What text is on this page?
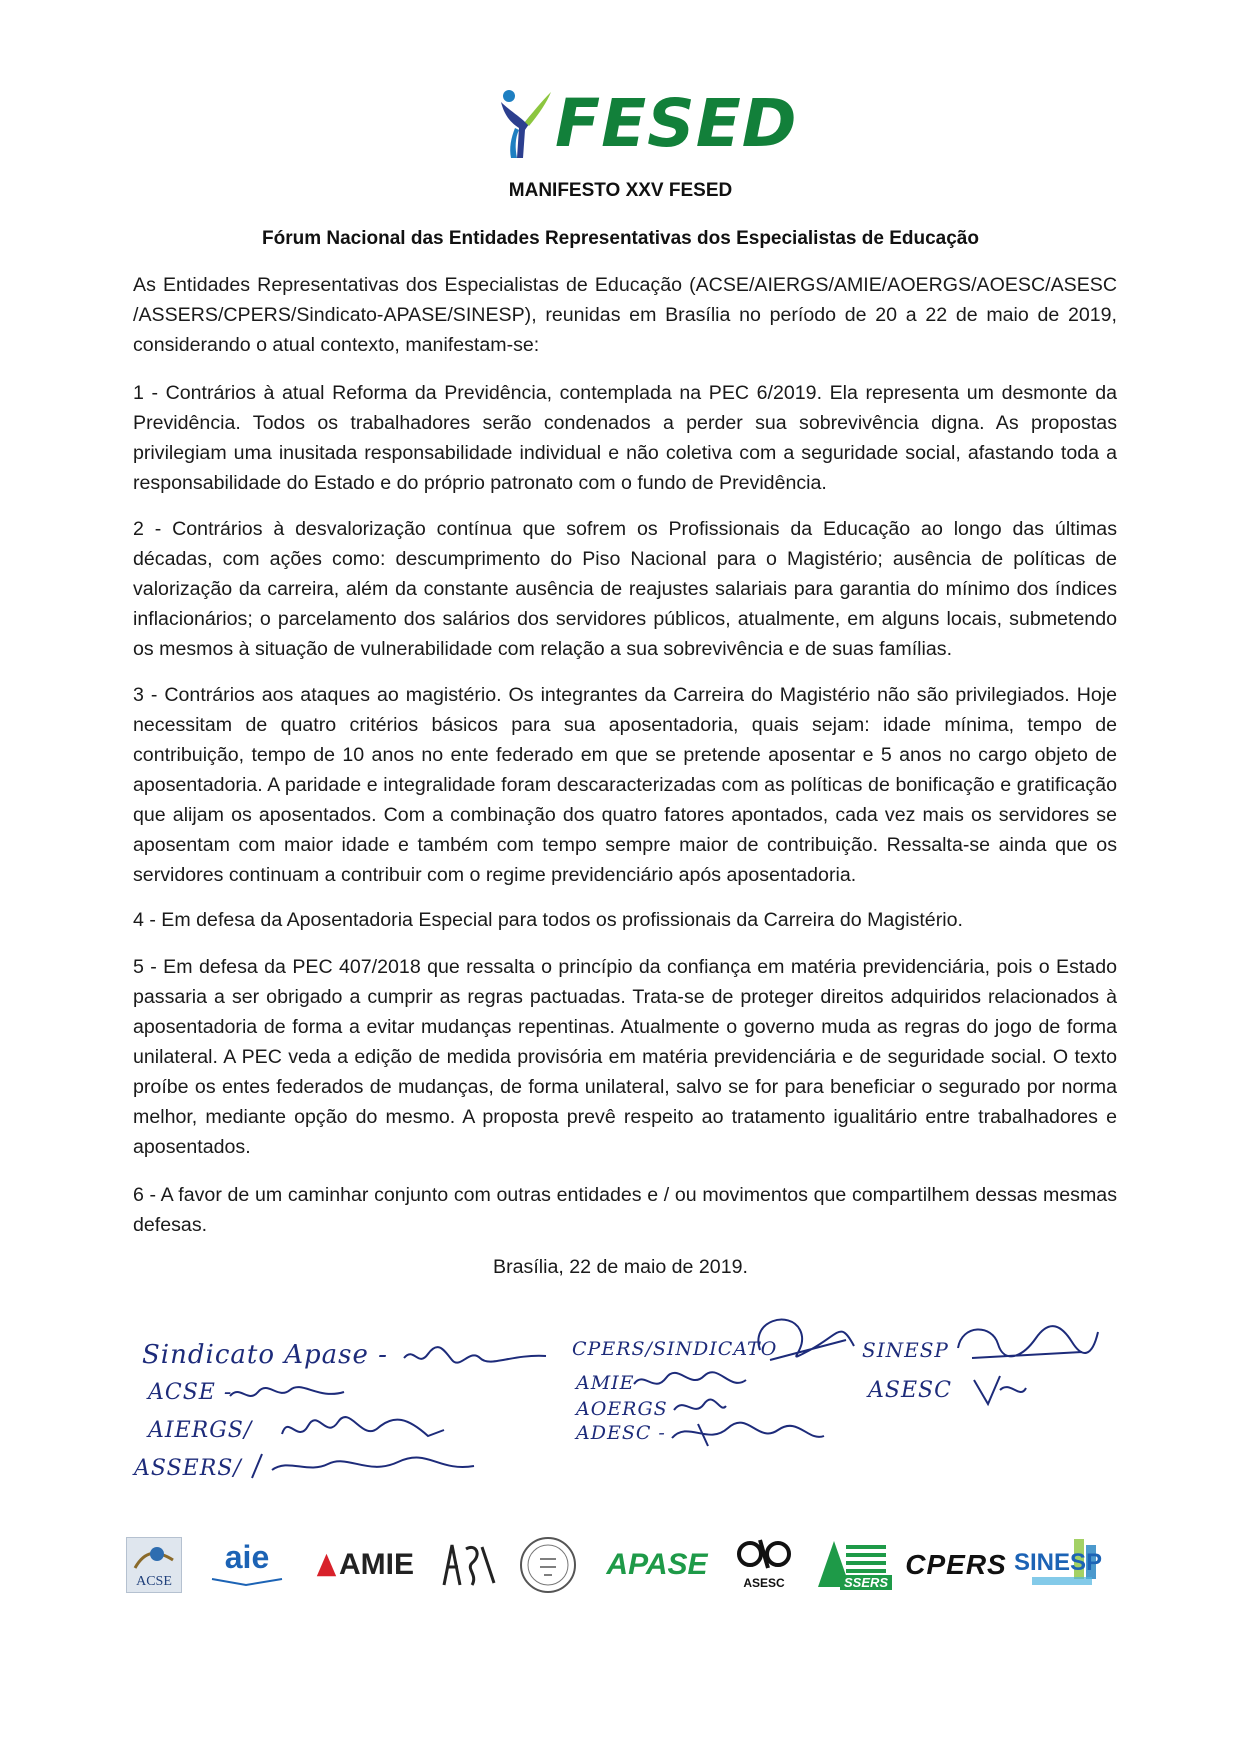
FESED
MANIFESTO XXV FESED
Fórum Nacional das Entidades Representativas dos Especialistas de Educação
As Entidades Representativas dos Especialistas de Educação (ACSE/AIERGS/AMIE/AOERGS/AOESC/ASESC /ASSERS/CPERS/Sindicato-APASE/SINESP), reunidas em Brasília no período de 20 a 22 de maio de 2019, considerando o atual contexto, manifestam-se:
1 - Contrários à atual Reforma da Previdência, contemplada na PEC 6/2019. Ela representa um desmonte da Previdência. Todos os trabalhadores serão condenados a perder sua sobrevivência digna. As propostas privilegiam uma inusitada responsabilidade individual e não coletiva com a seguridade social, afastando toda a responsabilidade do Estado e do próprio patronato com o fundo de Previdência.
2 - Contrários à desvalorização contínua que sofrem os Profissionais da Educação ao longo das últimas décadas, com ações como: descumprimento do Piso Nacional para o Magistério; ausência de políticas de valorização da carreira, além da constante ausência de reajustes salariais para garantia do mínimo dos índices inflacionários; o parcelamento dos salários dos servidores públicos, atualmente, em alguns locais, submetendo os mesmos à situação de vulnerabilidade com relação a sua sobrevivência e de suas famílias.
3 - Contrários aos ataques ao magistério. Os integrantes da Carreira do Magistério não são privilegiados. Hoje necessitam de quatro critérios básicos para sua aposentadoria, quais sejam: idade mínima, tempo de contribuição, tempo de 10 anos no ente federado em que se pretende aposentar e 5 anos no cargo objeto de aposentadoria. A paridade e integralidade foram descaracterizadas com as políticas de bonificação e gratificação que alijam os aposentados. Com a combinação dos quatro fatores apontados, cada vez mais os servidores se aposentam com maior idade e também com tempo sempre maior de contribuição. Ressalta-se ainda que os servidores continuam a contribuir com o regime previdenciário após aposentadoria.
4 - Em defesa da Aposentadoria Especial para todos os profissionais da Carreira do Magistério.
5 - Em defesa da PEC 407/2018 que ressalta o princípio da confiança em matéria previdenciária, pois o Estado passaria a ser obrigado a cumprir as regras pactuadas. Trata-se de proteger direitos adquiridos relacionados à aposentadoria de forma a evitar mudanças repentinas. Atualmente o governo muda as regras do jogo de forma unilateral. A PEC veda a edição de medida provisória em matéria previdenciária e de seguridade social. O texto proíbe os entes federados de mudanças, de forma unilateral, salvo se for para beneficiar o segurado por norma melhor, mediante opção do mesmo. A proposta prevê respeito ao tratamento igualitário entre trabalhadores e aposentados.
6 - A favor de um caminhar conjunto com outras entidades e / ou movimentos que compartilhem dessas mesmas defesas.
Brasília, 22 de maio de 2019.
Sindicato Apase -
ACSE -
AIERGS/
ASSERS/
CPERS/SINDICATO
AMIE
AOERGS
ADESC -
SINESP
ASESC
ACSE
aie	AMIE	APASE
ASESC	SSERS
CPERS SINESP
